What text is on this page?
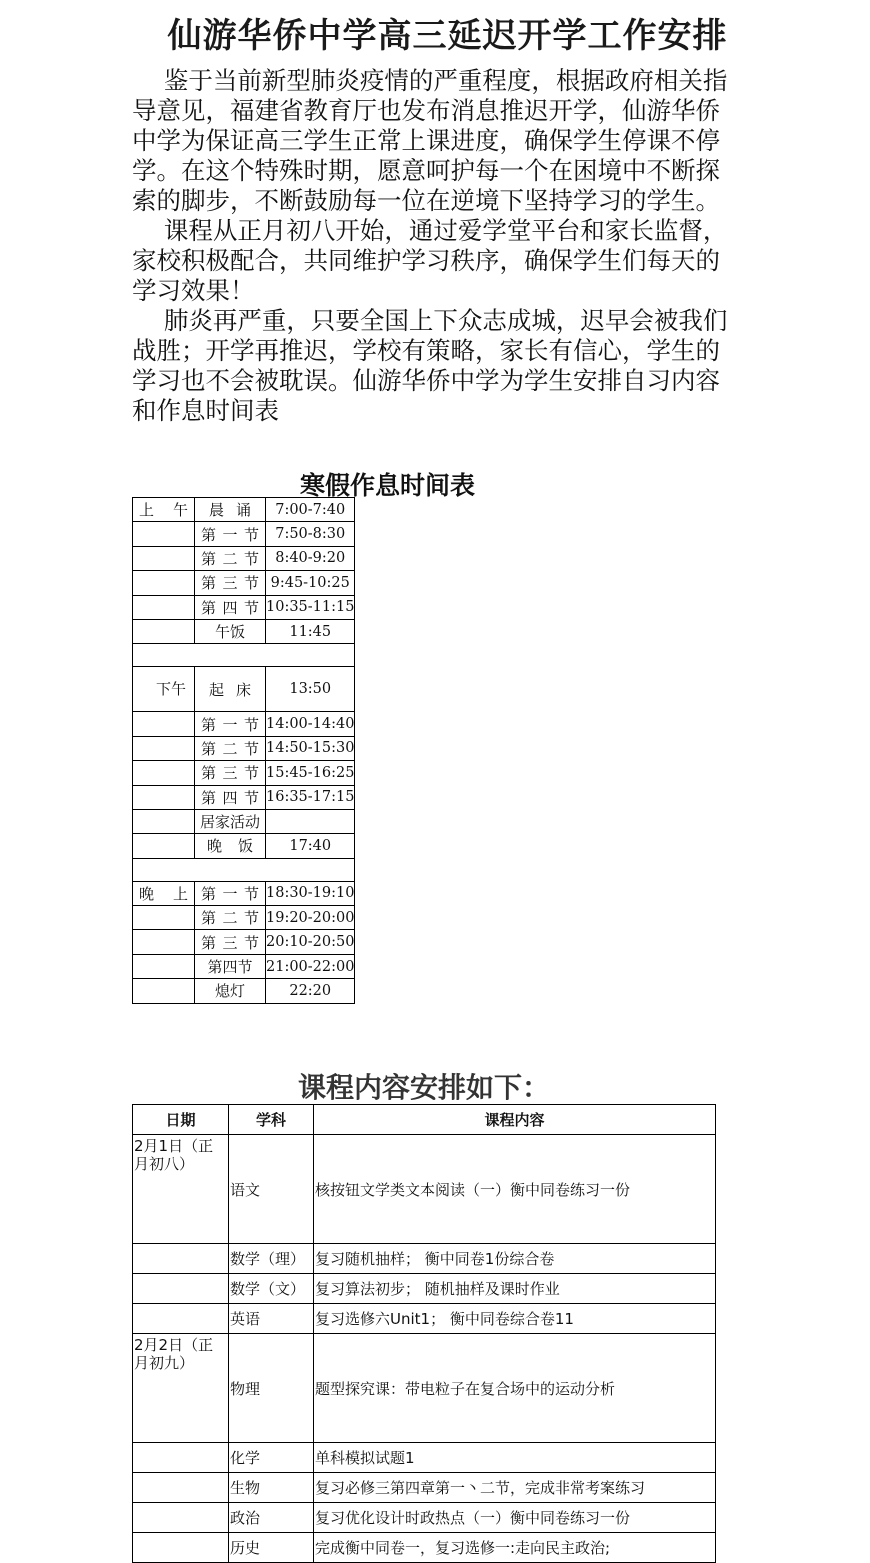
仙游华侨中学高三延迟开学工作安排

鉴于当前新型肺炎疫情的严重程度，根据政府相关指导意见，福建省教育厅也发布消息推迟开学，仙游华侨中学为保证高三学生正常上课进度，确保学生停课不停学。在这个特殊时期，愿意呵护每一个在困境中不断探索的脚步，不断鼓励每一位在逆境下坚持学习的学生。

课程从正月初八开始，通过爱学堂平台和家长监督，家校积极配合，共同维护学习秩序，确保学生们每天的学习效果！

肺炎再严重，只要全国上下众志成城，迟早会被我们战胜；开学再推迟，学校有策略，家长有信心，学生的学习也不会被耽误。仙游华侨中学为学生安排自习内容和作息时间表

寒假作息时间表
上 午	晨 诵	7:00-7:40

	第 一 节	7:50-8:30

	第 二 节	8:40-9:20

	第 三 节	9:45-10:25

	第 四 节	10:35-11:15
	午饭	11:45

下午	起 床	13:50

	第 一 节	14:00-14:40

	第 二 节	14:50-15:30

	第 三 节	15:45-16:25

	第 四 节	16:35-17:15
	居家活动	

	晚 饭	17:40

晚 上	第 一 节	18:30-19:10

	第 二 节	19:20-20:00

	第 三 节	20:10-20:50
	第四节	21:00-22:00
	熄灯	22:20
课程内容安排如下：
日期	学科	课程内容
2月1日（正月初八）	语文	核按钮文学类文本阅读（一）衡中同卷练习一份
	数学（理）	复习随机抽样； 衡中同卷1份综合卷
	数学（文）	复习算法初步； 随机抽样及课时作业
	英语	复习选修六Unit1； 衡中同卷综合卷11
2月2日（正月初九）	物理	题型探究课：带电粒子在复合场中的运动分析
	化学	单科模拟试题1
	生物	复习必修三第四章第一丶二节，完成非常考案练习
	政治	复习优化设计时政热点（一）衡中同卷练习一份
	历史	完成衡中同卷一，复习选修一:走向民主政治;
